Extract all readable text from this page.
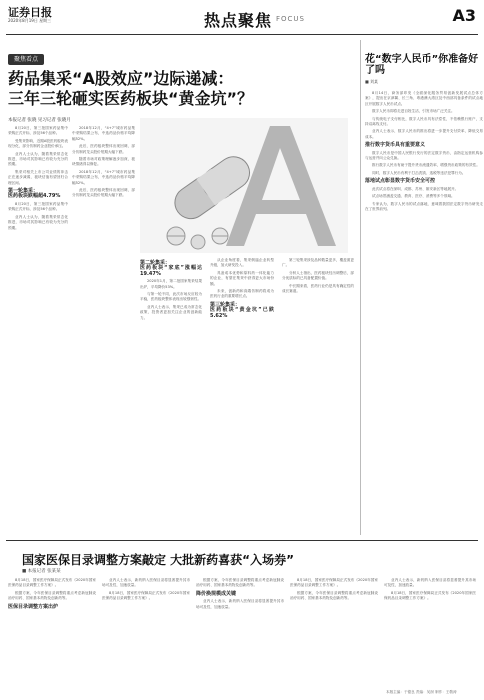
证券日报
2020年8月19日 星期三	热点聚焦 FOCUS	A3
聚焦看点
药品集采“A股效应”边际递减：
三年三轮砸实医药板块“黄金坑”？
本报记者 张晓 见习记者 张晓月

8月20日，第三批国家药品集中采购正式开标，涉及56个品种。

受集采影响，近期A股医药板块表现分化，部分仿制药企业股价承压。

业内人士认为，随着集采常态化推进，市场对其影响已有较为充分的预期。

集采对相关上市公司业绩的冲击正在逐步减弱，板块估值有望回归合理区间。

第一轮集采：
医药板块跌幅超4.79%

8月20日，第三批国家药品集中采购正式开标，涉及56个品种。

业内人士认为，随着集采常态化推进，市场对其影响已有较为充分的预期。

2018年12月，“4+7”城市药品集中采购结果公布，中选药品价格平均降幅52%。

此后，医药板块整体出现回调，部分仿制药龙头股价短期大幅下跌。

随着市场对政策理解逐步加深，板块情绪得以修复。

2018年12月，“4+7”城市药品集中采购结果公布，中选药品价格平均降幅52%。

此后，医药板块整体出现回调，部分仿制药龙头股价短期大幅下跌。

第二轮集采：
医药板块“家底”涨幅达19.47%

2020年1月，第二批国家集采结果出炉，平均降价53%。

与第一轮不同，此次市场反应较为平稳，医药板块整体表现出较强韧性。

业内人士表示，集采已成为常态化政策，投资者更加关注企业的创新能力。

从企业角度看，集采倒逼企业转型升级，加大研发投入。

具备成本优势和原料药一体化能力的企业，有望在集采中获得更大市场份额。

未来，创新药和高端仿制药将成为医药行业的重要增长点。

第三轮集采：
医药板块“黄金坑”已跌5.62%

第三轮集采涉及品种数量更多，覆盖面更广。

分析人士指出，医药板块经历调整后，部分优质标的已具备配置价值。

中长期来看，医药行业仍是具有确定性的成长赛道。

花“数字人民币”你准备好了吗
■ 刘某

8月14日，商务部印发《全面深化服务贸易创新发展试点总体方案》，提出在京津冀、长三角、粤港澳大湾区及中西部具备条件的试点地区开展数字人民币试点。

数字人民币即将走进百姓生活，引发市场广泛关注。

与传统电子支付相比，数字人民币具有法偿性，不依赖银行账户，支持双离线支付。

业内人士表示，数字人民币的推出将进一步提升支付效率，降低交易成本。

推行数字货币具有重要意义

数字人民币是中国人民银行发行的法定数字货币，由指定运营机构参与运营并向公众兑换。

推行数字人民币有助于提升货币流通效率，增强货币政策的有效性。

同时，数字人民币有利于打击洗钱、逃税等违法犯罪行为。

落地试点彰显数字货币安全可控

此次试点将在深圳、成都、苏州、雄安新区等地展开。

试点场景涵盖交通、教育、医疗、消费等多个领域。

专家认为，数字人民币的试点落地，意味着我国法定数字货币研发走在了世界前列。

国家医保目录调整方案敲定 大批新药喜获“入场券”
■ 本报记者 张某某

8月18日，国家医疗保障局正式发布《2020年国家医保药品目录调整工作方案》。

根据方案，今年医保目录调整将重点考虑新冠肺炎治疗用药、国家基本药物及创新药等。

医保目录调整方案出炉

业内人士表示，新药纳入医保目录将显著提升其市场可及性，加速放量。

8月18日，国家医疗保障局正式发布《2020年国家医保药品目录调整工作方案》。

根据方案，今年医保目录调整将重点考虑新冠肺炎治疗用药、国家基本药物及创新药等。

降价换规模成关键

业内人士表示，新药纳入医保目录将显著提升其市场可及性，加速放量。

8月18日，国家医疗保障局正式发布《2020年国家医保药品目录调整工作方案》。

根据方案，今年医保目录调整将重点考虑新冠肺炎治疗用药、国家基本药物及创新药等。

业内人士表示，新药纳入医保目录将显著提升其市场可及性，加速放量。

8月18日，国家医疗保障局正式发布《2020年国家医保药品目录调整工作方案》。

本版主编：于德良 责编：吴澍 制作：王敬涛
